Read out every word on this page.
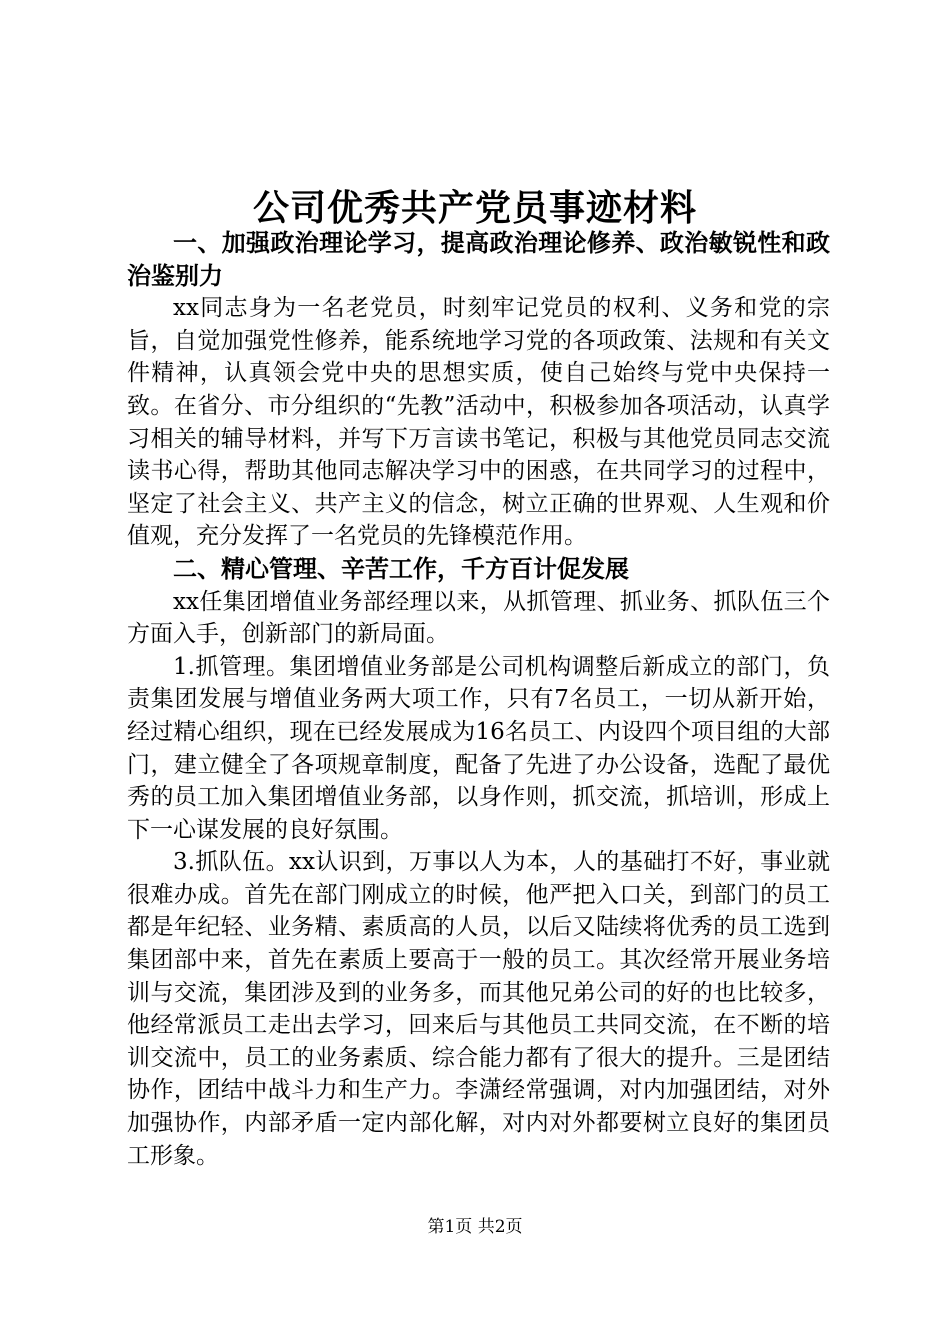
公司优秀共产党员事迹材料

一、加强政治理论学习，提高政治理论修养、政治敏锐性和政治鉴别力

xx同志身为一名老党员，时刻牢记党员的权利、义务和党的宗旨，自觉加强党性修养，能系统地学习党的各项政策、法规和有关文件精神，认真领会党中央的思想实质，使自己始终与党中央保持一致。在省分、市分组织的“先教”活动中，积极参加各项活动，认真学习相关的辅导材料，并写下万言读书笔记，积极与其他党员同志交流读书心得，帮助其他同志解决学习中的困惑，在共同学习的过程中，坚定了社会主义、共产主义的信念，树立正确的世界观、人生观和价值观，充分发挥了一名党员的先锋模范作用。

二、精心管理、辛苦工作，千方百计促发展

xx任集团增值业务部经理以来，从抓管理、抓业务、抓队伍三个方面入手，创新部门的新局面。

1.抓管理。集团增值业务部是公司机构调整后新成立的部门，负责集团发展与增值业务两大项工作，只有7名员工，一切从新开始，经过精心组织，现在已经发展成为16名员工、内设四个项目组的大部门，建立健全了各项规章制度，配备了先进了办公设备，选配了最优秀的员工加入集团增值业务部，以身作则，抓交流，抓培训，形成上下一心谋发展的良好氛围。

3.抓队伍。xx认识到，万事以人为本，人的基础打不好，事业就很难办成。首先在部门刚成立的时候，他严把入口关，到部门的员工都是年纪轻、业务精、素质高的人员，以后又陆续将优秀的员工选到集团部中来，首先在素质上要高于一般的员工。其次经常开展业务培训与交流，集团涉及到的业务多，而其他兄弟公司的好的也比较多，他经常派员工走出去学习，回来后与其他员工共同交流，在不断的培训交流中，员工的业务素质、综合能力都有了很大的提升。三是团结协作，团结中战斗力和生产力。李潇经常强调，对内加强团结，对外加强协作，内部矛盾一定内部化解，对内对外都要树立良好的集团员工形象。

第1页 共2页
